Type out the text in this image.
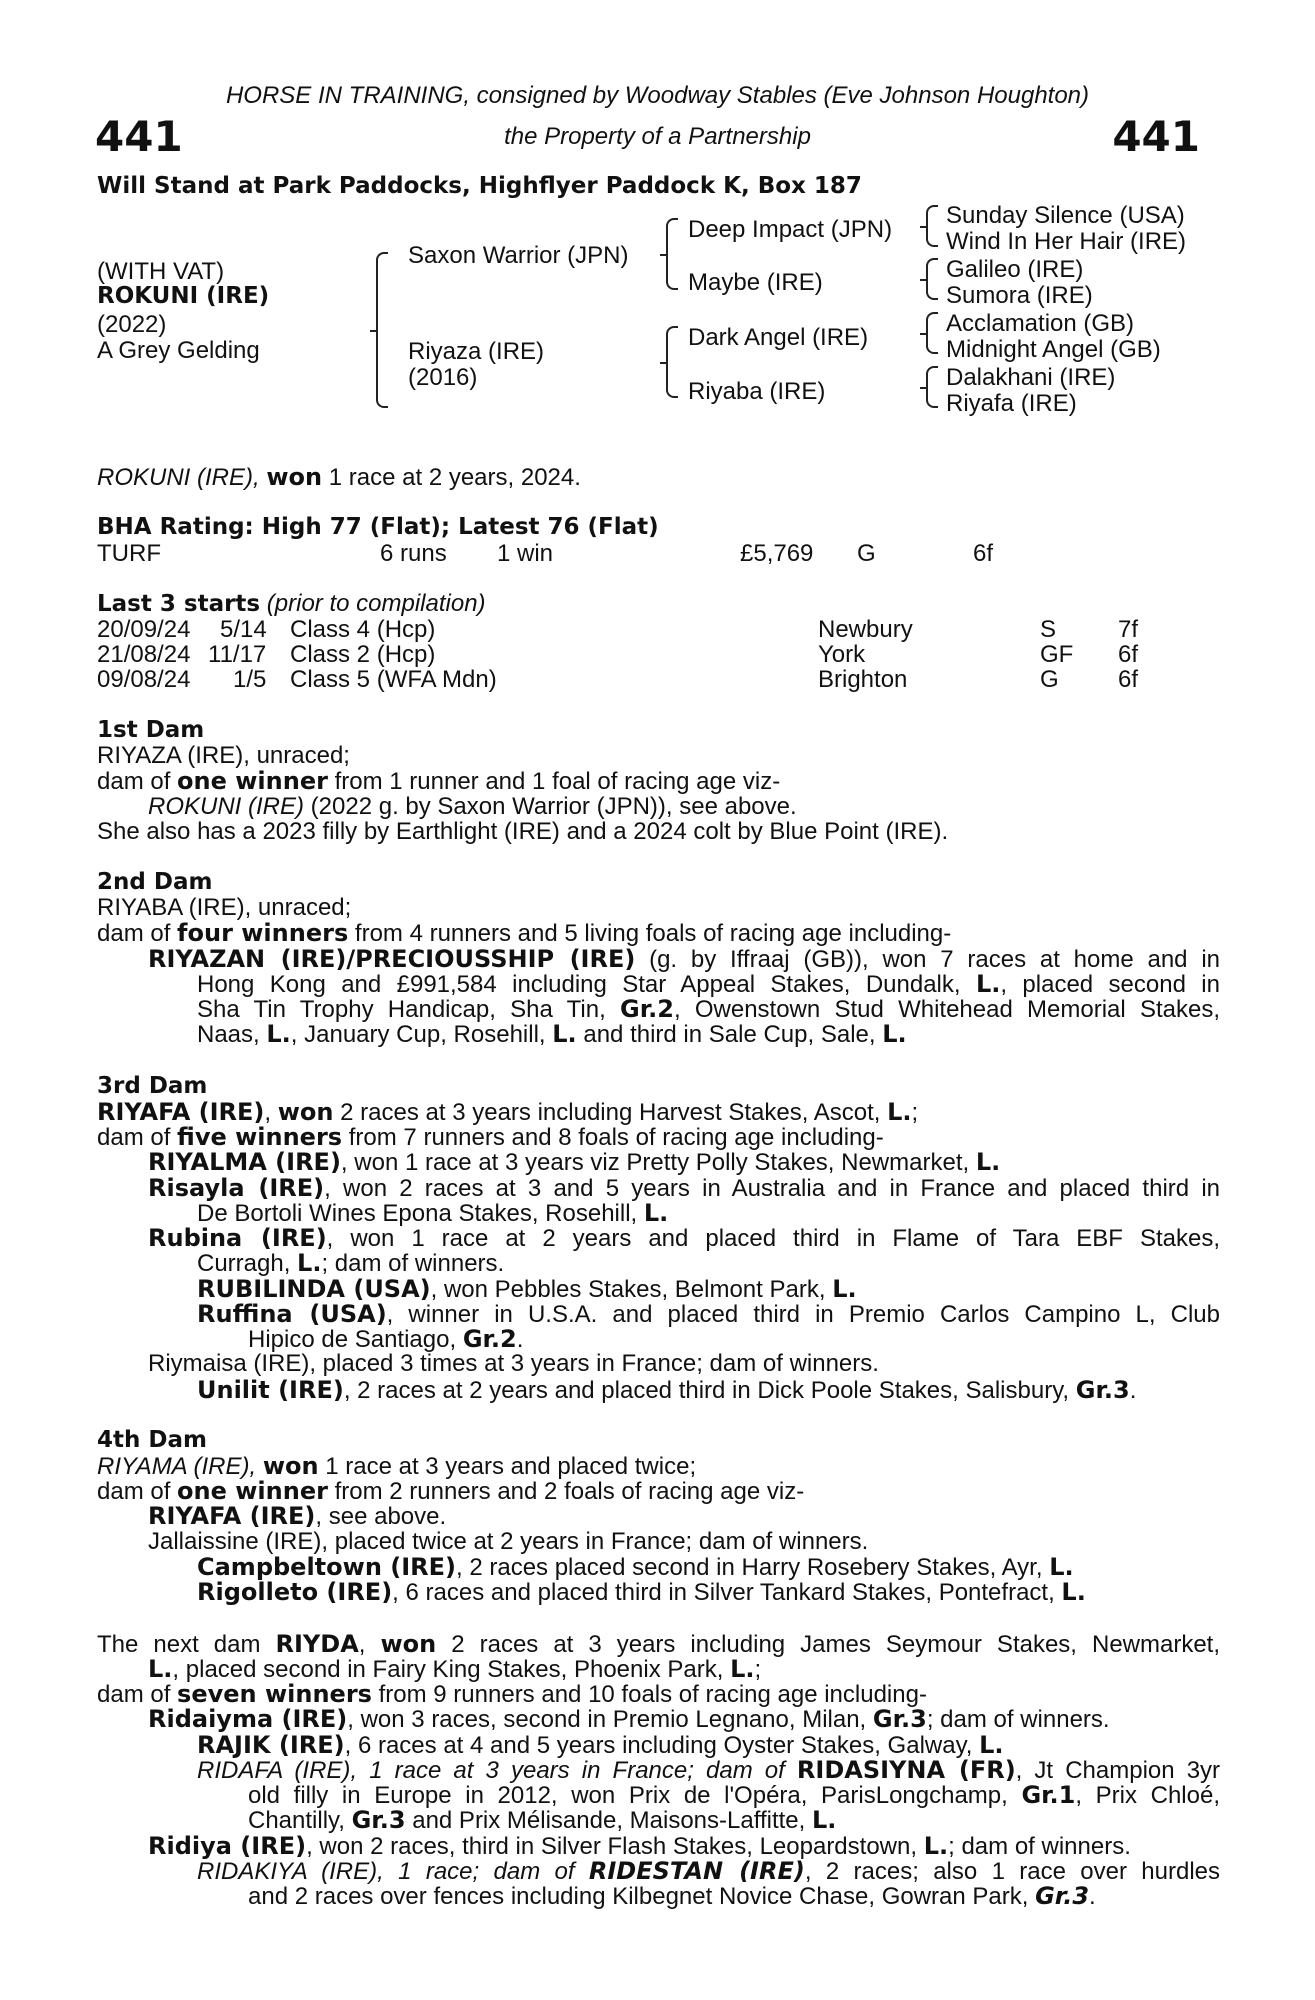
HORSE IN TRAINING, consigned by Woodway Stables (Eve Johnson Houghton)
441	the Property of a Partnership	441
Will Stand at Park Paddocks, Highflyer Paddock K, Box 187
(WITH VAT)
ROKUNI (IRE)
(2022)
A Grey Gelding
Saxon Warrior (JPN)
Riyaza (IRE)
(2016)
Deep Impact (JPN)
Maybe (IRE)
Dark Angel (IRE)
Riyaba (IRE)
Sunday Silence (USA)
Wind In Her Hair (IRE)
Galileo (IRE)
Sumora (IRE)
Acclamation (GB)
Midnight Angel (GB)
Dalakhani (IRE)
Riyafa (IRE)
ROKUNI (IRE), won 1 race at 2 years, 2024.
BHA Rating: High 77 (Flat); Latest 76 (Flat)
TURF	6 runs 1 win	£5,769 G	6f
Last 3 starts (prior to compilation)
20/09/24 5/14 Class 4 (Hcp)	Newbury	S	7f
21/08/24 11/17 Class 2 (Hcp)	York	GF 6f
09/08/24 1/5 Class 5 (WFA Mdn)	Brighton	G 6f
1st Dam
RIYAZA (IRE), unraced;
dam of one winner from 1 runner and 1 foal of racing age viz-
ROKUNI (IRE) (2022 g. by Saxon Warrior (JPN)), see above.
She also has a 2023 filly by Earthlight (IRE) and a 2024 colt by Blue Point (IRE).
2nd Dam
RIYABA (IRE), unraced;
dam of four winners from 4 runners and 5 living foals of racing age including-
RIYAZAN (IRE)/PRECIOUSSHIP (IRE) (g. by Iffraaj (GB)), won 7 races at home and in
Hong Kong and £991,584 including Star Appeal Stakes, Dundalk, L., placed second in
Sha Tin Trophy Handicap, Sha Tin, Gr.2, Owenstown Stud Whitehead Memorial Stakes,
Naas, L., January Cup, Rosehill, L. and third in Sale Cup, Sale, L.
3rd Dam
RIYAFA (IRE), won 2 races at 3 years including Harvest Stakes, Ascot, L.;
dam of five winners from 7 runners and 8 foals of racing age including-
RIYALMA (IRE), won 1 race at 3 years viz Pretty Polly Stakes, Newmarket, L.
Risayla (IRE), won 2 races at 3 and 5 years in Australia and in France and placed third in
De Bortoli Wines Epona Stakes, Rosehill, L.
Rubina (IRE), won 1 race at 2 years and placed third in Flame of Tara EBF Stakes,
Curragh, L.; dam of winners.
RUBILINDA (USA), won Pebbles Stakes, Belmont Park, L.
Ruffina (USA), winner in U.S.A. and placed third in Premio Carlos Campino L, Club
Hipico de Santiago, Gr.2.
Riymaisa (IRE), placed 3 times at 3 years in France; dam of winners.
Unilit (IRE), 2 races at 2 years and placed third in Dick Poole Stakes, Salisbury, Gr.3.
4th Dam
RIYAMA (IRE), won 1 race at 3 years and placed twice;
dam of one winner from 2 runners and 2 foals of racing age viz-
RIYAFA (IRE), see above.
Jallaissine (IRE), placed twice at 2 years in France; dam of winners.
Campbeltown (IRE), 2 races placed second in Harry Rosebery Stakes, Ayr, L.
Rigolleto (IRE), 6 races and placed third in Silver Tankard Stakes, Pontefract, L.
The next dam RIYDA, won 2 races at 3 years including James Seymour Stakes, Newmarket,
L., placed second in Fairy King Stakes, Phoenix Park, L.;
dam of seven winners from 9 runners and 10 foals of racing age including-
Ridaiyma (IRE), won 3 races, second in Premio Legnano, Milan, Gr.3; dam of winners.
RAJIK (IRE), 6 races at 4 and 5 years including Oyster Stakes, Galway, L.
RIDAFA (IRE), 1 race at 3 years in France; dam of RIDASIYNA (FR), Jt Champion 3yr
old filly in Europe in 2012, won Prix de l'Opéra, ParisLongchamp, Gr.1, Prix Chloé,
Chantilly, Gr.3 and Prix Mélisande, Maisons-Laffitte, L.
Ridiya (IRE), won 2 races, third in Silver Flash Stakes, Leopardstown, L.; dam of winners.
RIDAKIYA (IRE), 1 race; dam of RIDESTAN (IRE), 2 races; also 1 race over hurdles
and 2 races over fences including Kilbegnet Novice Chase, Gowran Park, Gr.3.
